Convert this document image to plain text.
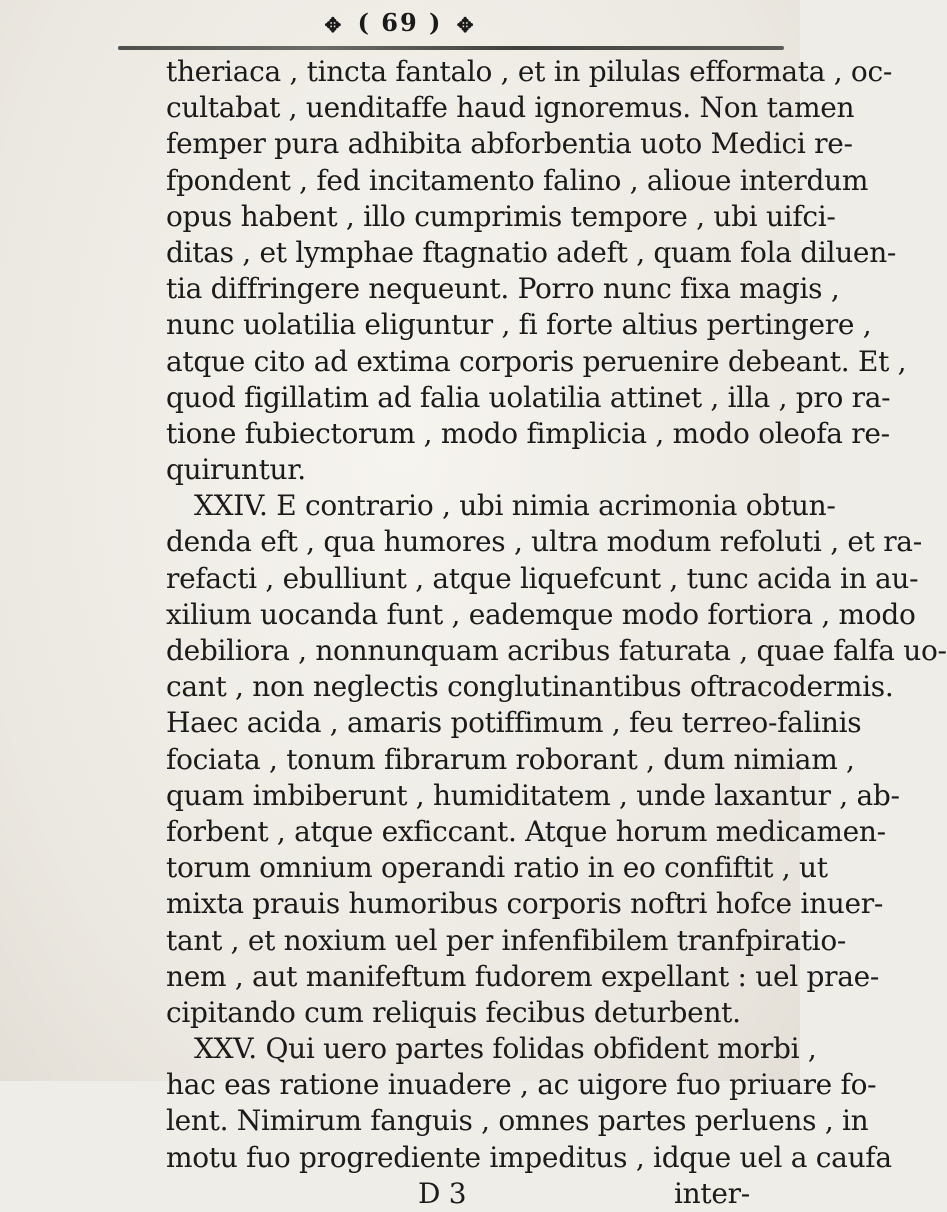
✥ ( 69 ) ✥
theriaca , tincta fantalo , et in pilulas efformata , oc-
cultabat , uenditaffe haud ignoremus. Non tamen
femper pura adhibita abforbentia uoto Medici re-
fpondent , fed incitamento falino , alioue interdum
opus habent , illo cumprimis tempore , ubi uifci-
ditas , et lymphae ftagnatio adeft , quam fola diluen-
tia diffringere nequeunt. Porro nunc fixa magis ,
nunc uolatilia eliguntur , fi forte altius pertingere ,
atque cito ad extima corporis peruenire debeant. Et ,
quod figillatim ad falia uolatilia attinet , illa , pro ra-
tione fubiectorum , modo fimplicia , modo oleofa re-
quiruntur.
XXIV. E contrario , ubi nimia acrimonia obtun-
denda eft , qua humores , ultra modum refoluti , et ra-
refacti , ebulliunt , atque liquefcunt , tunc acida in au-
xilium uocanda funt , eademque modo fortiora , modo
debiliora , nonnunquam acribus faturata , quae falfa uo-
cant , non neglectis conglutinantibus oftracodermis.
Haec acida , amaris potiffimum , feu terreo-falinis
fociata , tonum fibrarum roborant , dum nimiam ,
quam imbiberunt , humiditatem , unde laxantur , ab-
forbent , atque exficcant. Atque horum medicamen-
torum omnium operandi ratio in eo confiftit , ut
mixta prauis humoribus corporis noftri hofce inuer-
tant , et noxium uel per infenfibilem tranfpiratio-
nem , aut manifeftum fudorem expellant : uel prae-
cipitando cum reliquis fecibus deturbent.
XXV. Qui uero partes folidas obfident morbi ,
hac eas ratione inuadere , ac uigore fuo priuare fo-
lent. Nimirum fanguis , omnes partes perluens , in
motu fuo progrediente impeditus , idque uel a caufa
D 3	inter-
